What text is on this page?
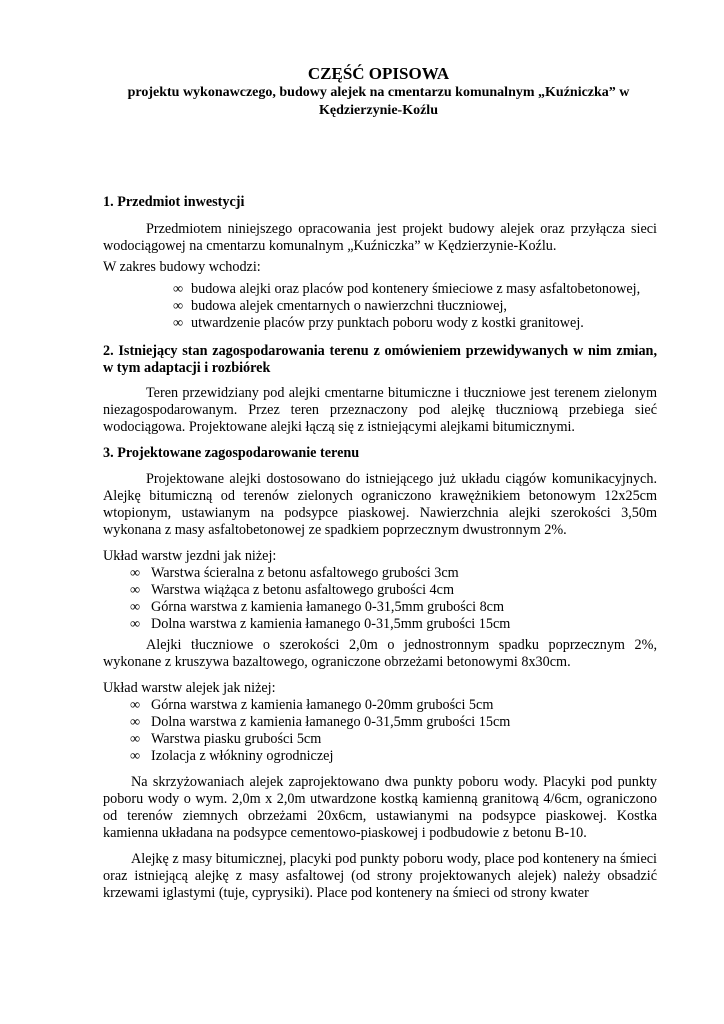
CZĘŚĆ OPISOWA
projektu wykonawczego, budowy alejek na cmentarzu komunalnym „Kuźniczka” w
Kędzierzynie-Koźlu

1. Przedmiot inwestycji

Przedmiotem niniejszego opracowania jest projekt budowy alejek oraz przyłącza sieci wodociągowej na cmentarzu komunalnym „Kuźniczka” w Kędzierzynie-Koźlu.

W zakres budowy wchodzi:

∞ budowa alejki oraz placów pod kontenery śmieciowe z masy asfaltobetonowej,
∞ budowa alejek cmentarnych o nawierzchni tłuczniowej,
∞ utwardzenie placów przy punktach poboru wody z kostki granitowej.

2. Istniejący stan zagospodarowania terenu z omówieniem przewidywanych w nim zmian, w tym adaptacji i rozbiórek

Teren przewidziany pod alejki cmentarne bitumiczne i tłuczniowe jest terenem zielonym niezagospodarowanym. Przez teren przeznaczony pod alejkę tłuczniową przebiega sieć wodociągowa. Projektowane alejki łączą się z istniejącymi alejkami bitumicznymi.

3. Projektowane zagospodarowanie terenu

Projektowane alejki dostosowano do istniejącego już układu ciągów komunikacyjnych. Alejkę bitumiczną od terenów zielonych ograniczono krawężnikiem betonowym 12x25cm wtopionym, ustawianym na podsypce piaskowej. Nawierzchnia alejki szerokości 3,50m wykonana z masy asfaltobetonowej ze spadkiem poprzecznym dwustronnym 2%.

Układ warstw jezdni jak niżej:

∞ Warstwa ścieralna z betonu asfaltowego grubości 3cm
∞ Warstwa wiążąca z betonu asfaltowego grubości 4cm
∞ Górna warstwa z kamienia łamanego 0-31,5mm grubości 8cm
∞ Dolna warstwa z kamienia łamanego 0-31,5mm grubości 15cm

Alejki tłuczniowe o szerokości 2,0m o jednostronnym spadku poprzecznym 2%, wykonane z kruszywa bazaltowego, ograniczone obrzeżami betonowymi 8x30cm.

Układ warstw alejek jak niżej:

∞ Górna warstwa z kamienia łamanego 0-20mm grubości 5cm
∞ Dolna warstwa z kamienia łamanego 0-31,5mm grubości 15cm
∞ Warstwa piasku grubości 5cm
∞ Izolacja z włókniny ogrodniczej

Na skrzyżowaniach alejek zaprojektowano dwa punkty poboru wody. Placyki pod punkty poboru wody o wym. 2,0m x 2,0m utwardzone kostką kamienną granitową 4/6cm, ograniczono od terenów ziemnych obrzeżami 20x6cm, ustawianymi na podsypce piaskowej. Kostka kamienna układana na podsypce cementowo-piaskowej i podbudowie z betonu B-10.

Alejkę z masy bitumicznej, placyki pod punkty poboru wody, place pod kontenery na śmieci oraz istniejącą alejkę z masy asfaltowej (od strony projektowanych alejek) należy obsadzić krzewami iglastymi (tuje, cyprysiki). Place pod kontenery na śmieci od strony kwater
